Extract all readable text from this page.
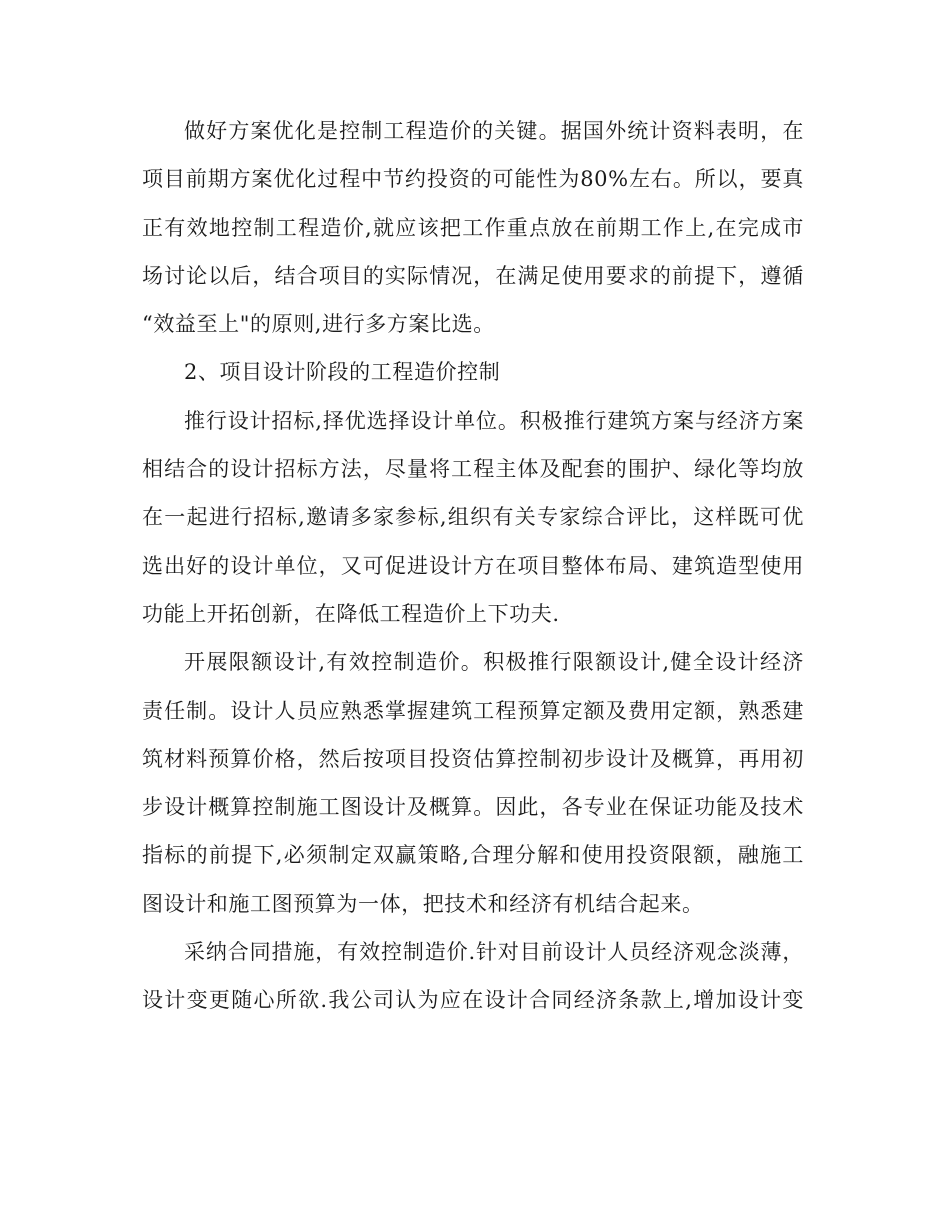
做好方案优化是控制工程造价的关键。据国外统计资料表明，在
项目前期方案优化过程中节约投资的可能性为80%左右。所以，要真
正有效地控制工程造价,就应该把工作重点放在前期工作上,在完成市
场讨论以后，结合项目的实际情况，在满足使用要求的前提下，遵循
“效益至上"的原则,进行多方案比选。
2、项目设计阶段的工程造价控制
推行设计招标,择优选择设计单位。积极推行建筑方案与经济方案
相结合的设计招标方法，尽量将工程主体及配套的围护、绿化等均放
在一起进行招标,邀请多家参标,组织有关专家综合评比，这样既可优
选出好的设计单位，又可促进设计方在项目整体布局、建筑造型使用
功能上开拓创新，在降低工程造价上下功夫.
开展限额设计,有效控制造价。积极推行限额设计,健全设计经济
责任制。设计人员应熟悉掌握建筑工程预算定额及费用定额，熟悉建
筑材料预算价格，然后按项目投资估算控制初步设计及概算，再用初
步设计概算控制施工图设计及概算。因此，各专业在保证功能及技术
指标的前提下,必须制定双赢策略,合理分解和使用投资限额，融施工
图设计和施工图预算为一体，把技术和经济有机结合起来。
采纳合同措施，有效控制造价.针对目前设计人员经济观念淡薄，
设计变更随心所欲.我公司认为应在设计合同经济条款上,增加设计变
